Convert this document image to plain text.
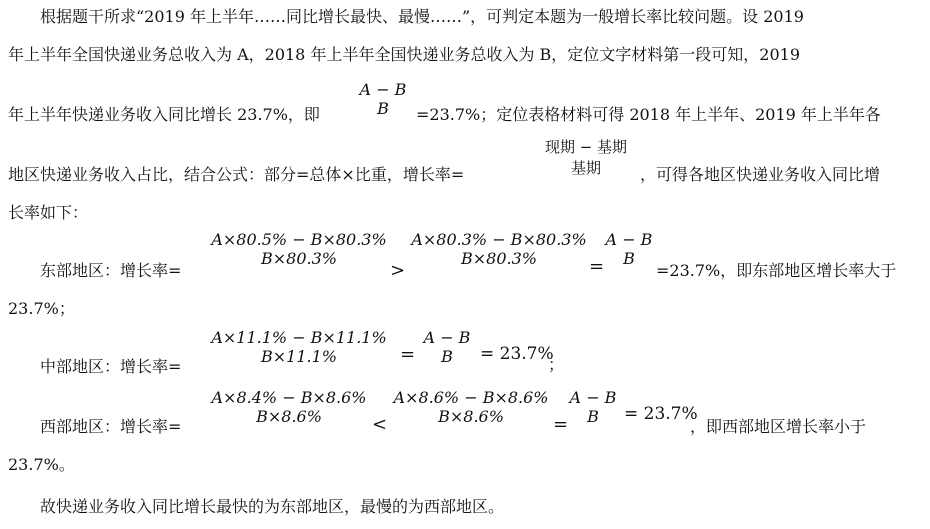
根据题干所求“2019 年上半年……同比增长最快、最慢……”，可判定本题为一般增长率比较问题。设 2019
年上半年全国快递业务总收入为 A，2018 年上半年全国快递业务总收入为 B，定位文字材料第一段可知，2019
年上半年快递业务收入同比增长 23.7%，即
A − B
B	=23.7%；定位表格材料可得 2018 年上半年、2019 年上半年各
地区快递业务收入占比，结合公式：部分=总体×比重，增长率=
现期 − 基期
基期	，可得各地区快递业务收入同比增
长率如下：
东部地区：增长率=
A×80.5% − B×80.3%
B×80.3%
>
A×80.3% − B×80.3%
B×80.3%	=
A − B
B
=23.7%，即东部地区增长率大于
23.7%；
中部地区：增长率=
A×11.1% − B×11.1%
B×11.1%	=
A − B
B	= 23.7%
；
西部地区：增长率=
A×8.4% − B×8.6%
B×8.6%	<
A×8.6% − B×8.6%
B×8.6%	=
A − B
B	= 23.7%
，即西部地区增长率小于
23.7%。
故快递业务收入同比增长最快的为东部地区，最慢的为西部地区。
